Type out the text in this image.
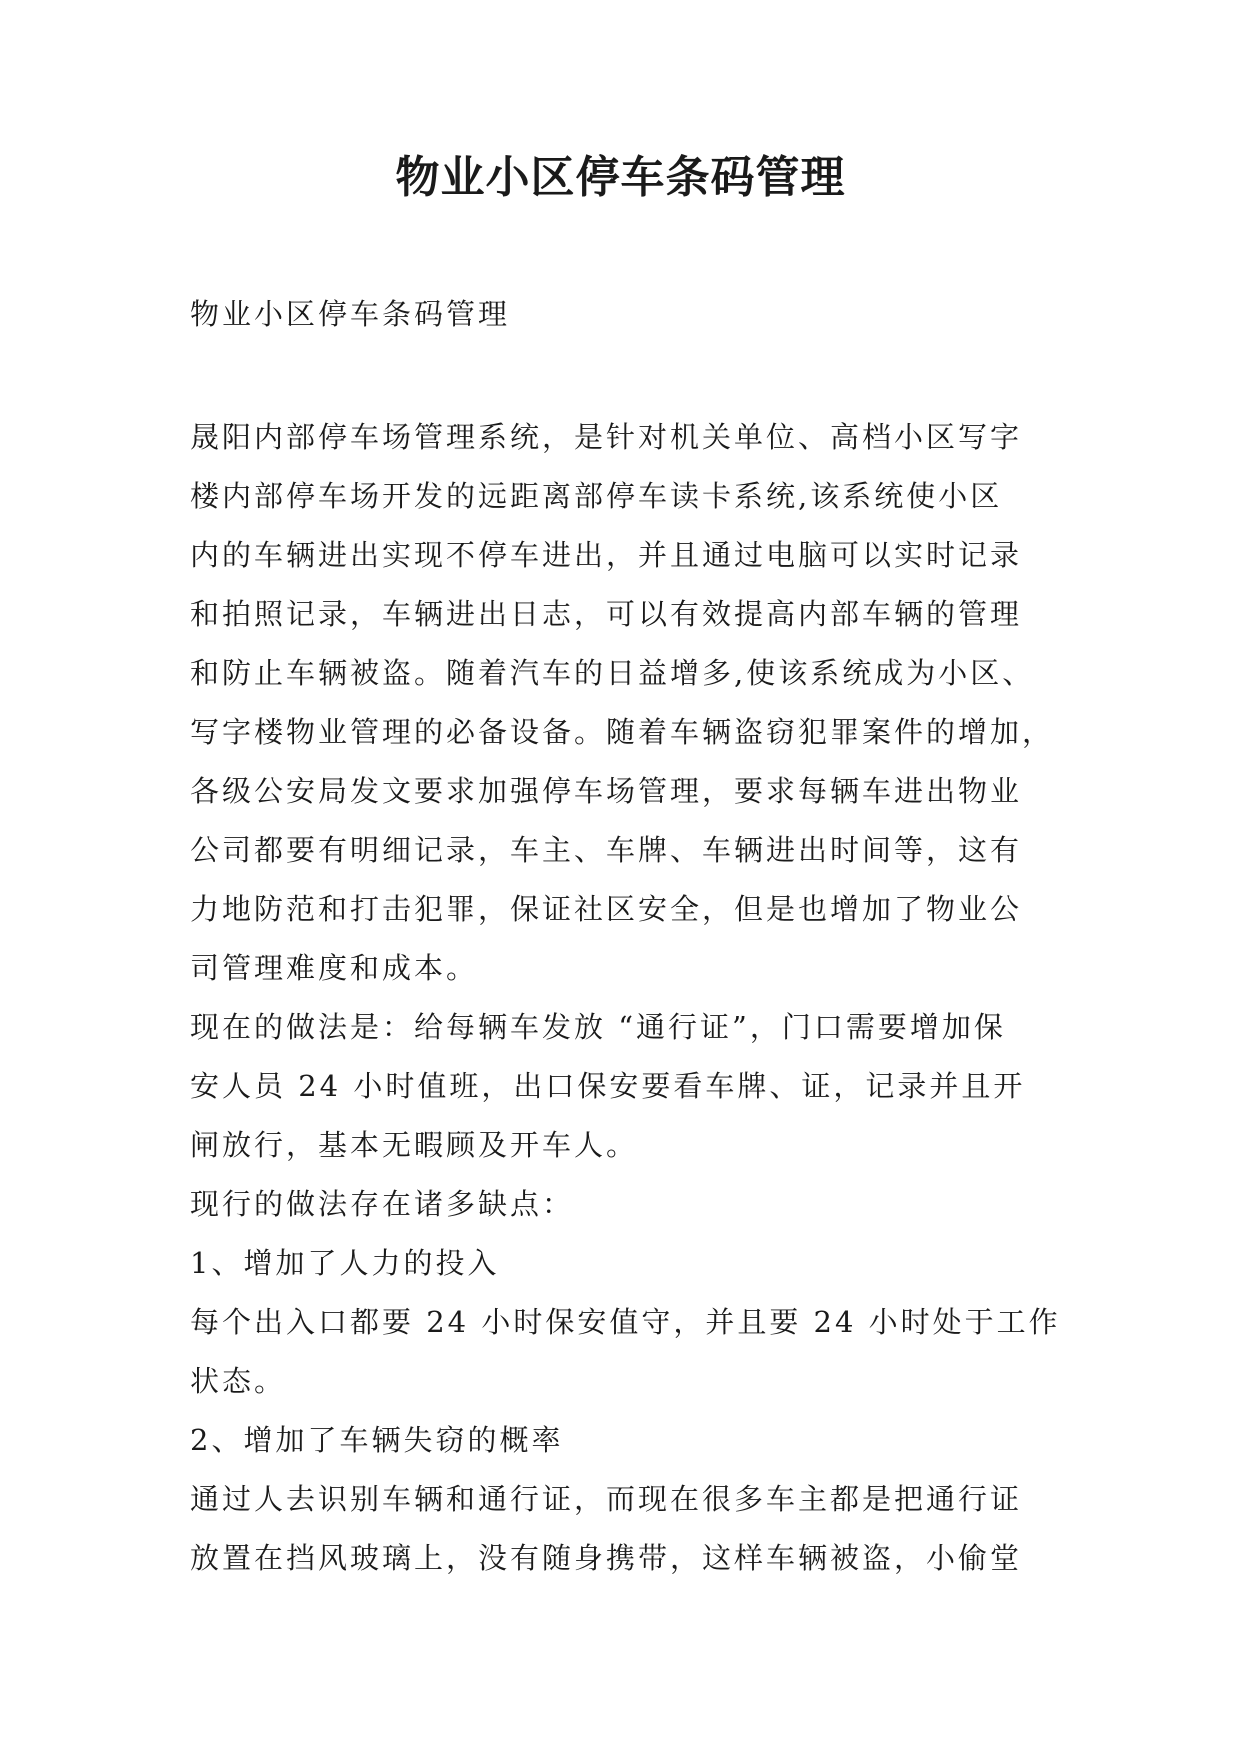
物业小区停车条码管理

物业小区停车条码管理

晟阳内部停车场管理系统，是针对机关单位、高档小区写字
楼内部停车场开发的远距离部停车读卡系统,该系统使小区
内的车辆进出实现不停车进出，并且通过电脑可以实时记录
和拍照记录，车辆进出日志，可以有效提高内部车辆的管理
和防止车辆被盗。随着汽车的日益增多,使该系统成为小区、
写字楼物业管理的必备设备。随着车辆盗窃犯罪案件的增加，
各级公安局发文要求加强停车场管理，要求每辆车进出物业
公司都要有明细记录，车主、车牌、车辆进出时间等，这有
力地防范和打击犯罪，保证社区安全，但是也增加了物业公
司管理难度和成本。
现在的做法是：给每辆车发放 “通行证”，门口需要增加保
安人员 24 小时值班，出口保安要看车牌、证，记录并且开
闸放行，基本无暇顾及开车人。
现行的做法存在诸多缺点：
1、增加了人力的投入
每个出入口都要 24 小时保安值守，并且要 24 小时处于工作
状态。
2、增加了车辆失窃的概率
通过人去识别车辆和通行证，而现在很多车主都是把通行证
放置在挡风玻璃上，没有随身携带，这样车辆被盗，小偷堂
